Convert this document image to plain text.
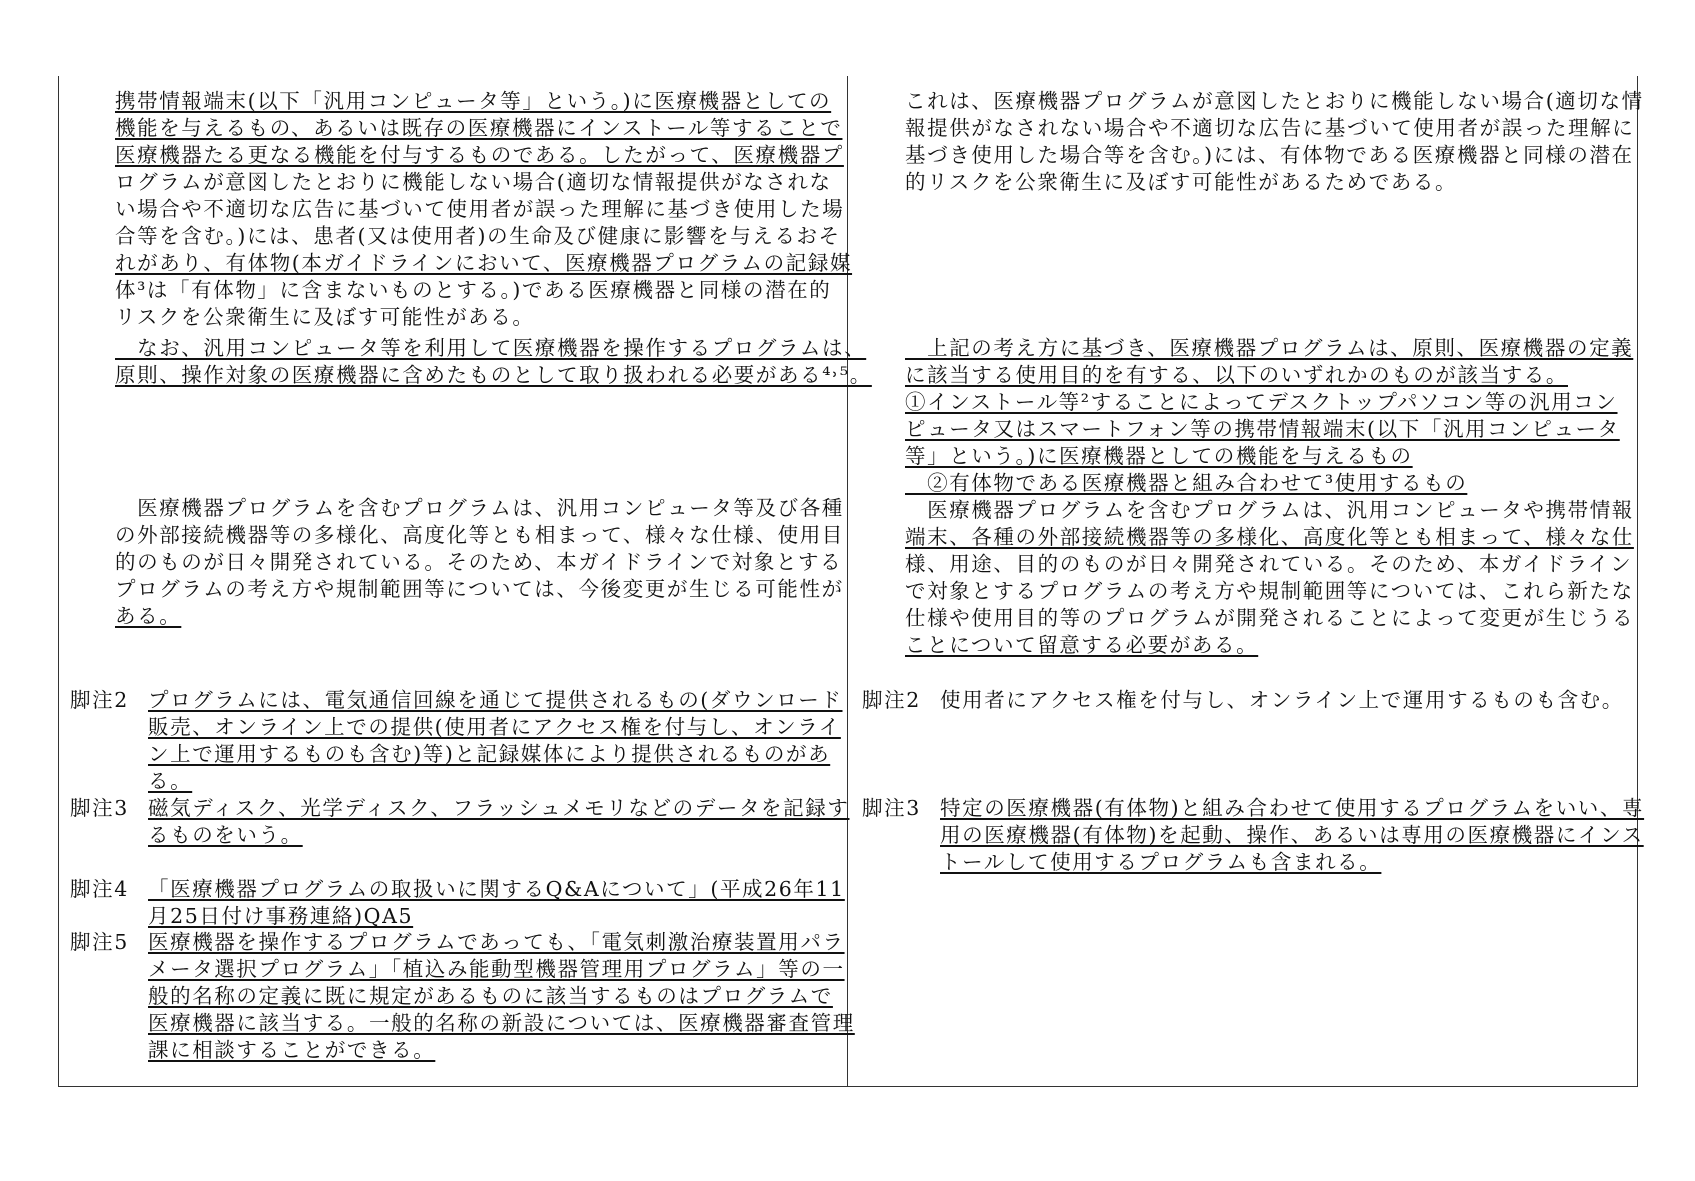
携帯情報端末(以下「汎用コンピュータ等」という。)に医療機器としての
機能を与えるもの、あるいは既存の医療機器にインストール等することで
医療機器たる更なる機能を付与するものである。したがって、医療機器プ
ログラムが意図したとおりに機能しない場合(適切な情報提供がなされな
い場合や不適切な広告に基づいて使用者が誤った理解に基づき使用した場
合等を含む。)には、患者(又は使用者)の生命及び健康に影響を与えるおそ
れがあり、有体物(本ガイドラインにおいて、医療機器プログラムの記録媒
体³は「有体物」に含まないものとする。)である医療機器と同様の潜在的
リスクを公衆衛生に及ぼす可能性がある。
　なお、汎用コンピュータ等を利用して医療機器を操作するプログラムは、
原則、操作対象の医療機器に含めたものとして取り扱われる必要がある⁴˒⁵。
　医療機器プログラムを含むプログラムは、汎用コンピュータ等及び各種
の外部接続機器等の多様化、高度化等とも相まって、様々な仕様、使用目
的のものが日々開発されている。そのため、本ガイドラインで対象とする
プログラムの考え方や規制範囲等については、今後変更が生じる可能性が
ある。
脚注2 プログラムには、電気通信回線を通じて提供されるもの(ダウンロード
販売、オンライン上での提供(使用者にアクセス権を付与し、オンライ
ン上で運用するものも含む)等)と記録媒体により提供されるものがあ
る。
脚注3 磁気ディスク、光学ディスク、フラッシュメモリなどのデータを記録す
るものをいう。
脚注4 「医療機器プログラムの取扱いに関するQ&Aについて」(平成26年11
月25日付け事務連絡)QA5
脚注5 医療機器を操作するプログラムであっても、「電気刺激治療装置用パラ
メータ選択プログラム」「植込み能動型機器管理用プログラム」等の一
般的名称の定義に既に規定があるものに該当するものはプログラムで
医療機器に該当する。一般的名称の新設については、医療機器審査管理
課に相談することができる。
これは、医療機器プログラムが意図したとおりに機能しない場合(適切な情
報提供がなされない場合や不適切な広告に基づいて使用者が誤った理解に
基づき使用した場合等を含む。)には、有体物である医療機器と同様の潜在
的リスクを公衆衛生に及ぼす可能性があるためである。
　上記の考え方に基づき、医療機器プログラムは、原則、医療機器の定義
に該当する使用目的を有する、以下のいずれかのものが該当する。
①インストール等²することによってデスクトップパソコン等の汎用コン
ピュータ又はスマートフォン等の携帯情報端末(以下「汎用コンピュータ
等」という。)に医療機器としての機能を与えるもの
　②有体物である医療機器と組み合わせて³使用するもの
　医療機器プログラムを含むプログラムは、汎用コンピュータや携帯情報
端末、各種の外部接続機器等の多様化、高度化等とも相まって、様々な仕
様、用途、目的のものが日々開発されている。そのため、本ガイドライン
で対象とするプログラムの考え方や規制範囲等については、これら新たな
仕様や使用目的等のプログラムが開発されることによって変更が生じうる
ことについて留意する必要がある。
脚注2 使用者にアクセス権を付与し、オンライン上で運用するものも含む。
脚注3 特定の医療機器(有体物)と組み合わせて使用するプログラムをいい、専
用の医療機器(有体物)を起動、操作、あるいは専用の医療機器にインス
トールして使用するプログラムも含まれる。
